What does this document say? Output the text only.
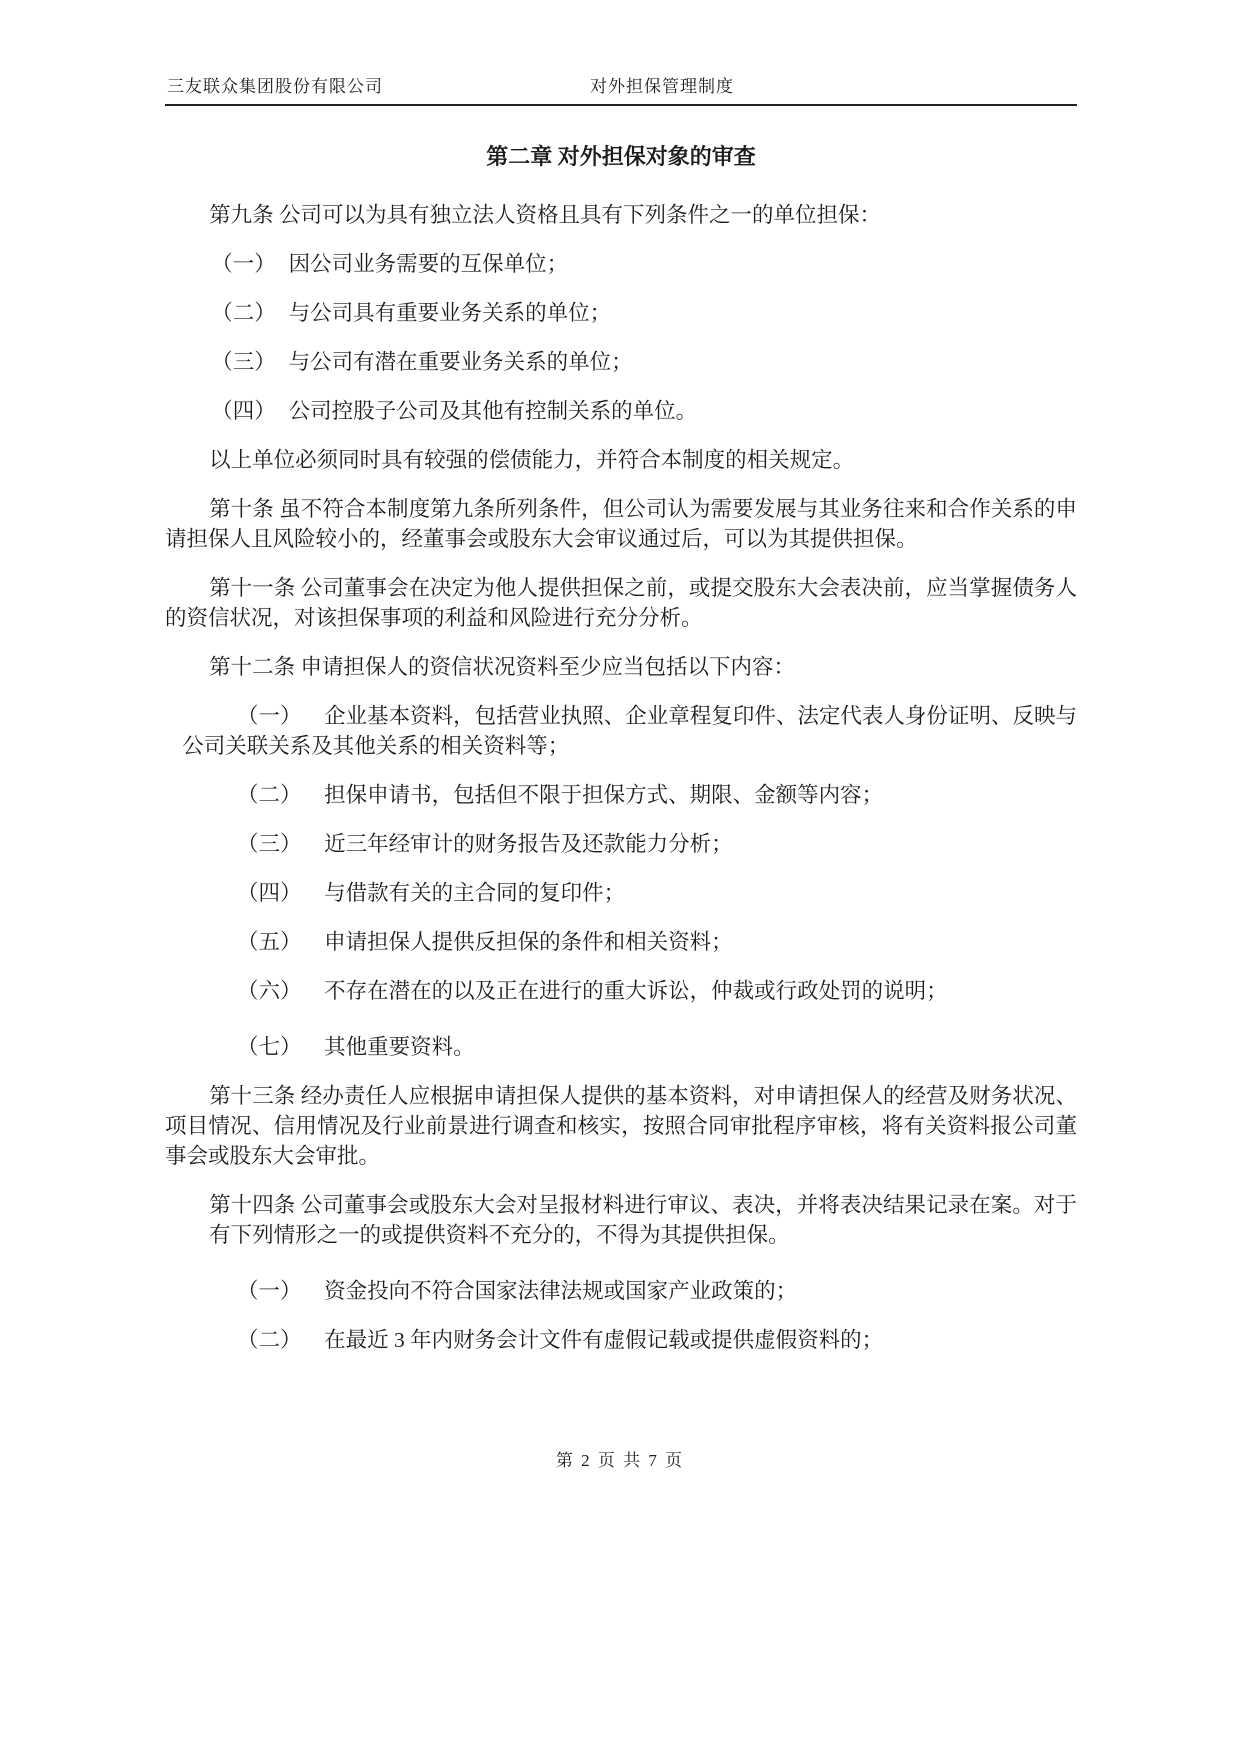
三友联众集团股份有限公司	对外担保管理制度

第二章 对外担保对象的审查

第九条 公司可以为具有独立法人资格且具有下列条件之一的单位担保：

（一） 因公司业务需要的互保单位；

（二） 与公司具有重要业务关系的单位；

（三） 与公司有潜在重要业务关系的单位；

（四） 公司控股子公司及其他有控制关系的单位。

以上单位必须同时具有较强的偿债能力，并符合本制度的相关规定。

第十条 虽不符合本制度第九条所列条件，但公司认为需要发展与其业务往来和合作关系的申请担保人且风险较小的，经董事会或股东大会审议通过后，可以为其提供担保。

第十一条 公司董事会在决定为他人提供担保之前，或提交股东大会表决前，应当掌握债务人的资信状况，对该担保事项的利益和风险进行充分分析。

第十二条 申请担保人的资信状况资料至少应当包括以下内容：

（一） 企业基本资料，包括营业执照、企业章程复印件、法定代表人身份证明、反映与公司关联关系及其他关系的相关资料等；

（二） 担保申请书，包括但不限于担保方式、期限、金额等内容；

（三） 近三年经审计的财务报告及还款能力分析；

（四） 与借款有关的主合同的复印件；

（五） 申请担保人提供反担保的条件和相关资料；

（六） 不存在潜在的以及正在进行的重大诉讼，仲裁或行政处罚的说明；

（七） 其他重要资料。

第十三条 经办责任人应根据申请担保人提供的基本资料，对申请担保人的经营及财务状况、项目情况、信用情况及行业前景进行调查和核实，按照合同审批程序审核，将有关资料报公司董事会或股东大会审批。

第十四条 公司董事会或股东大会对呈报材料进行审议、表决，并将表决结果记录在案。对于有下列情形之一的或提供资料不充分的，不得为其提供担保。

（一） 资金投向不符合国家法律法规或国家产业政策的；

（二） 在最近 3 年内财务会计文件有虚假记载或提供虚假资料的；

第 2 页 共 7 页
